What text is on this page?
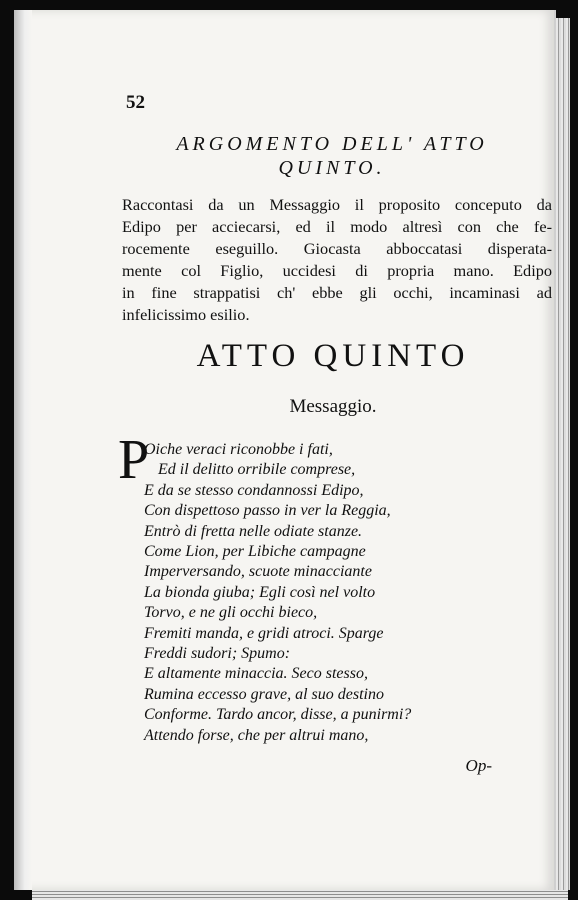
52
ARGOMENTO DELL' ATTO
QUINTO.
Raccontasi da un Messaggio il proposito conceputo da
Edipo per acciecarsi, ed il modo altresì con che fe-
rocemente eseguillo. Giocasta abboccatasi disperata-
mente col Figlio, uccidesi di propria mano. Edipo
in fine strappatisi ch' ebbe gli occhi, incaminasi ad
infelicissimo esilio.
ATTO QUINTO
Messaggio.
P
Oiche veraci riconobbe i fati,
Ed il delitto orribile comprese,
E da se stesso condannossi Edipo,
Con dispettoso passo in ver la Reggia,
Entrò di fretta nelle odiate stanze.
Come Lion, per Libiche campagne
Imperversando, scuote minacciante
La bionda giuba; Egli così nel volto
Torvo, e ne gli occhi bieco,
Fremiti manda, e gridi atroci. Sparge
Freddi sudori; Spumo:
E altamente minaccia. Seco stesso,
Rumina eccesso grave, al suo destino
Conforme. Tardo ancor, disse, a punirmi?
Attendo forse, che per altrui mano,
Op-
